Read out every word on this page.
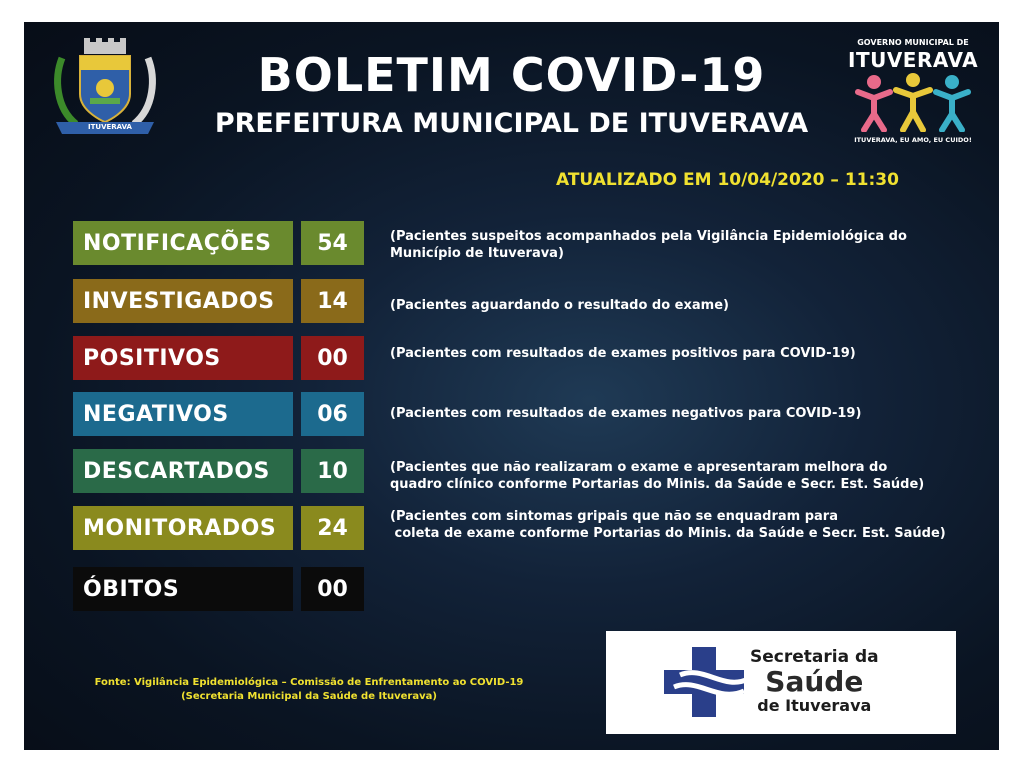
ITUVERAVA
GOVERNO MUNICIPAL DE
ITUVERAVA
ITUVERAVA, EU AMO, EU CUIDO!
BOLETIM COVID-19
PREFEITURA MUNICIPAL DE ITUVERAVA
ATUALIZADO EM 10/04/2020 – 11:30
NOTIFICAÇÕES	54	(Pacientes suspeitos acompanhados pela Vigilância Epidemiológica do
Município de Ituverava)
INVESTIGADOS	14	(Pacientes aguardando o resultado do exame)
POSITIVOS	00	(Pacientes com resultados de exames positivos para COVID-19)
NEGATIVOS	06	(Pacientes com resultados de exames negativos para COVID-19)
DESCARTADOS	10	(Pacientes que não realizaram o exame e apresentaram melhora do
quadro clínico conforme Portarias do Minis. da Saúde e Secr. Est. Saúde)
MONITORADOS	24	(Pacientes com sintomas gripais que não se enquadram para
coleta de exame conforme Portarias do Minis. da Saúde e Secr. Est. Saúde)
ÓBITOS	00
Fonte: Vigilância Epidemiológica – Comissão de Enfrentamento ao COVID-19
(Secretaria Municipal da Saúde de Ituverava)
Secretaria da
Saúde
de Ituverava
